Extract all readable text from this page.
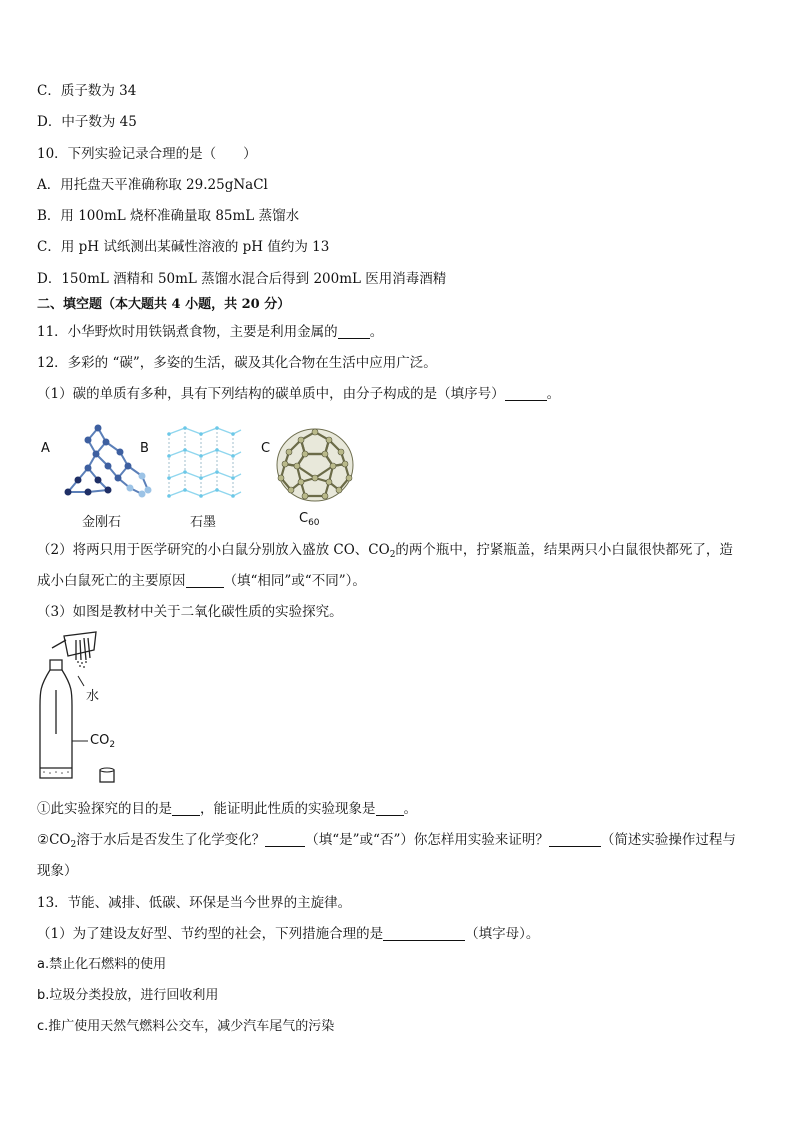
C．质子数为 34
D．中子数为 45
10．下列实验记录合理的是（　　）
A．用托盘天平准确称取 29.25gNaCl
B．用 100mL 烧杯准确量取 85mL 蒸馏水
C．用 pH 试纸测出某碱性溶液的 pH 值约为 13
D．150mL 酒精和 50mL 蒸馏水混合后得到 200mL 医用消毒酒精
二、填空题（本大题共 4 小题，共 20 分）
11．小华野炊时用铁锅煮食物，主要是利用金属的 。
12．多彩的 “碳”，多姿的生活，碳及其化合物在生活中应用广泛。
（1）碳的单质有多种，具有下列结构的碳单质中，由分子构成的是（填序号）	。
A	B	C
金刚石	石墨	$C_{60}$
（2）将两只用于医学研究的小白鼠分别放入盛放 CO、$CO_2$的两个瓶中，拧紧瓶盖，结果两只小白鼠很快都死了，造
成小白鼠死亡的主要原因	（填“相同”或“不同”）。
（3）如图是教材中关于二氧化碳性质的实验探究。
水
$CO_2$
①此实验探究的目的是 ，能证明此性质的实验现象是 。
$②CO_2$溶于水后是否发生了化学变化？	（填“是”或“否”）你怎样用实验来证明？	（简述实验操作过程与
现象）
13．节能、减排、低碳、环保是当今世界的主旋律。
（1）为了建设友好型、节约型的社会，下列措施合理的是	（填字母）。
a.禁止化石燃料的使用
b.垃圾分类投放，进行回收利用
c.推广使用天然气燃料公交车，减少汽车尾气的污染
